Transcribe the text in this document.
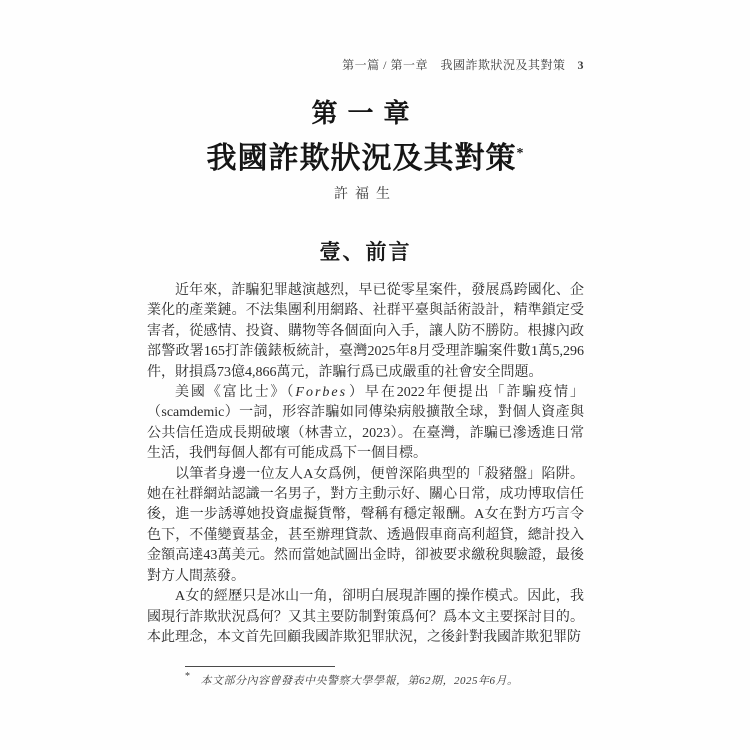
第一篇 / 第一章　我國詐欺狀況及其對策 3
第一章
我國詐欺狀況及其對策*
許福生
壹、前言

近年來，詐騙犯罪越演越烈，早已從零星案件，發展爲跨國化、企業化的產業鏈。不法集團利用網路、社群平臺與話術設計，精準鎖定受害者，從感情、投資、購物等各個面向入手，讓人防不勝防。根據內政部警政署165打詐儀錶板統計，臺灣2025年8月受理詐騙案件數1萬5,296件，財損爲73億4,866萬元，詐騙行爲已成嚴重的社會安全問題。

美國《富比士》（Forbes）早在2022年便提出「詐騙疫情」（scamdemic）一詞，形容詐騙如同傳染病般擴散全球，對個人資產與公共信任造成長期破壞（林書立，2023）。在臺灣，詐騙已滲透進日常生活，我們每個人都有可能成爲下一個目標。

以筆者身邊一位友人A女爲例，便曾深陷典型的「殺豬盤」陷阱。她在社群網站認識一名男子，對方主動示好、關心日常，成功博取信任後，進一步誘導她投資虛擬貨幣，聲稱有穩定報酬。A女在對方巧言令色下，不僅變賣基金，甚至辦理貸款、透過假車商高利超貸，總計投入金額高達43萬美元。然而當她試圖出金時，卻被要求繳稅與驗證，最後對方人間蒸發。

A女的經歷只是冰山一角，卻明白展現詐團的操作模式。因此，我國現行詐欺狀況爲何？又其主要防制對策爲何？爲本文主要探討目的。本此理念，本文首先回顧我國詐欺犯罪狀況，之後針對我國詐欺犯罪防

* 本文部分內容曾發表中央警察大學學報，第62期，2025年6月。
